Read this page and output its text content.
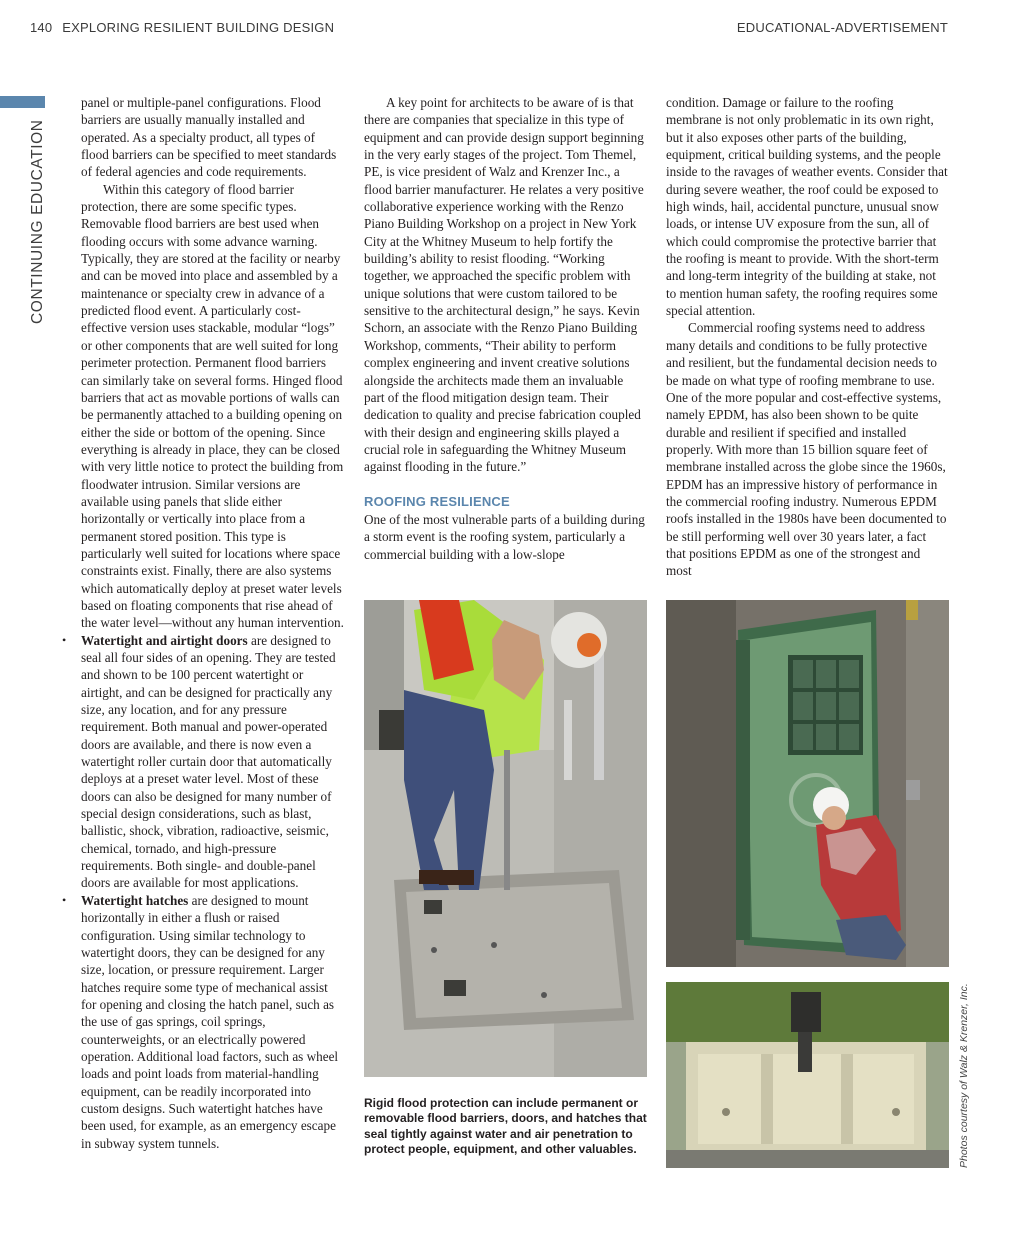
140 EXPLORING RESILIENT BUILDING DESIGN	EDUCATIONAL-ADVERTISEMENT
CONTINUING EDUCATION

panel or multiple-panel configurations. Flood barriers are usually manually installed and operated. As a specialty product, all types of flood barriers can be specified to meet standards of federal agencies and code requirements.

Within this category of flood barrier protection, there are some specific types. Removable flood barriers are best used when flooding occurs with some advance warning. Typically, they are stored at the facility or nearby and can be moved into place and assembled by a maintenance or specialty crew in advance of a predicted flood event. A particularly cost-effective version uses stackable, modular “logs” or other components that are well suited for long perimeter protection. Permanent flood barriers can similarly take on several forms. Hinged flood barriers that act as movable portions of walls can be permanently attached to a building opening on either the side or bottom of the opening. Since everything is already in place, they can be closed with very little notice to protect the building from floodwater intrusion. Similar versions are available using panels that slide either horizontally or vertically into place from a permanent stored position. This type is particularly well suited for locations where space constraints exist. Finally, there are also systems which automatically deploy at preset water levels based on floating components that rise ahead of the water level—without any human intervention.

• Watertight and airtight doors are designed to seal all four sides of an opening. They are tested and shown to be 100 percent watertight or airtight, and can be designed for practically any size, any location, and for any pressure requirement. Both manual and power-operated doors are available, and there is now even a watertight roller curtain door that automatically deploys at a preset water level. Most of these doors can also be designed for many number of special design considerations, such as blast, ballistic, shock, vibration, radioactive, seismic, chemical, tornado, and high-pressure requirements. Both single- and double-panel doors are available for most applications.
• Watertight hatches are designed to mount horizontally in either a flush or raised configuration. Using similar technology to watertight doors, they can be designed for any size, location, or pressure requirement. Larger hatches require some type of mechanical assist for opening and closing the hatch panel, such as the use of gas springs, coil springs, counterweights, or an electrically powered operation. Additional load factors, such as wheel loads and point loads from material-handling equipment, can be readily incorporated into custom designs. Such watertight hatches have been used, for example, as an emergency escape in subway system tunnels.

A key point for architects to be aware of is that there are companies that specialize in this type of equipment and can provide design support beginning in the very early stages of the project. Tom Themel, PE, is vice president of Walz and Krenzer Inc., a flood barrier manufacturer. He relates a very positive collaborative experience working with the Renzo Piano Building Workshop on a project in New York City at the Whitney Museum to help fortify the building’s ability to resist flooding. “Working together, we approached the specific problem with unique solutions that were custom tailored to be sensitive to the architectural design,” he says. Kevin Schorn, an associate with the Renzo Piano Building Workshop, comments, “Their ability to perform complex engineering and invent creative solutions alongside the architects made them an invaluable part of the flood mitigation design team. Their dedication to quality and precise fabrication coupled with their design and engineering skills played a crucial role in safeguarding the Whitney Museum against flooding in the future.”

ROOFING RESILIENCE

One of the most vulnerable parts of a building during a storm event is the roofing system, particularly a commercial building with a low-slope

condition. Damage or failure to the roofing membrane is not only problematic in its own right, but it also exposes other parts of the building, equipment, critical building systems, and the people inside to the ravages of weather events. Consider that during severe weather, the roof could be exposed to high winds, hail, accidental puncture, unusual snow loads, or intense UV exposure from the sun, all of which could compromise the protective barrier that the roofing is meant to provide. With the short-term and long-term integrity of the building at stake, not to mention human safety, the roofing requires some special attention.

Commercial roofing systems need to address many details and conditions to be fully protective and resilient, but the fundamental decision needs to be made on what type of roofing membrane to use. One of the more popular and cost-effective systems, namely EPDM, has also been shown to be quite durable and resilient if specified and installed properly. With more than 15 billion square feet of membrane installed across the globe since the 1960s, EPDM has an impressive history of performance in the commercial roofing industry. Numerous EPDM roofs installed in the 1980s have been documented to be still performing well over 30 years later, a fact that positions EPDM as one of the strongest and most

Rigid flood protection can include permanent or removable flood barriers, doors, and hatches that seal tightly against water and air penetration to protect people, equipment, and other valuables.	Photos courtesy of Walz & Krenzer, Inc.
